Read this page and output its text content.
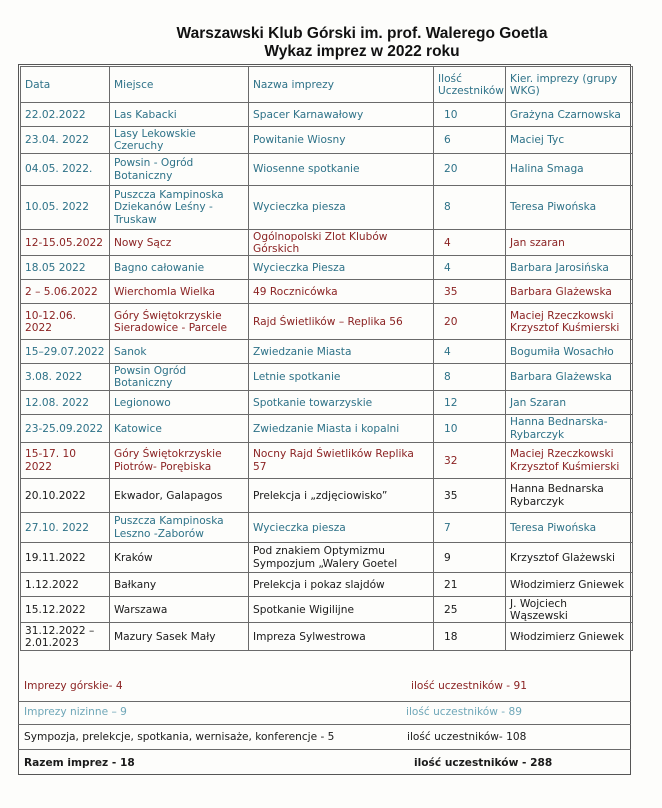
Warszawski Klub Górski im. prof. Walerego Goetla
Wykaz imprez w 2022 roku
Data	Miejsce	Nazwa imprezy	Ilość Uczestników	Kier. imprezy (grupy WKG)
22.02.2022	Las Kabacki	Spacer Karnawałowy	10	Grażyna Czarnowska
23.04. 2022	Lasy Lekowskie Czeruchy	Powitanie Wiosny	6	Maciej Tyc
04.05. 2022.	Powsin - Ogród Botaniczny	Wiosenne spotkanie	20	Halina Smaga
10.05. 2022	Puszcza Kampinoska Dziekanów Leśny - Truskaw	Wycieczka piesza	8	Teresa Piwońska
12-15.05.2022	Nowy Sącz	Ogólnopolski Zlot Klubów Górskich	4	Jan szaran
18.05 2022	Bagno całowanie	Wycieczka Piesza	4	Barbara Jarosińska
2 – 5.06.2022	Wierchomla Wielka	49 Rocznicówka	35	Barbara Glażewska
10-12.06. 2022	Góry Świętokrzyskie Sieradowice - Parcele	Rajd Świetlików – Replika 56	20	Maciej Rzeczkowski Krzysztof Kuśmierski
15–29.07.2022	Sanok	Zwiedzanie Miasta	4	Bogumiła Wosachło
3.08. 2022	Powsin Ogród Botaniczny	Letnie spotkanie	8	Barbara Glażewska
12.08. 2022	Legionowo	Spotkanie towarzyskie	12	Jan Szaran
23-25.09.2022	Katowice	Zwiedzanie Miasta i kopalni	10	Hanna Bednarska-Rybarczyk
15-17. 10 2022	Góry Świętokrzyskie Piotrów- Porębiska	Nocny Rajd Świetlików Replika 57	32	Maciej Rzeczkowski Krzysztof Kuśmierski
20.10.2022	Ekwador, Galapagos	Prelekcja i „zdjęciowisko”	35	Hanna Bednarska Rybarczyk
27.10. 2022	Puszcza Kampinoska Leszno -Zaborów	Wycieczka piesza	7	Teresa Piwońska
19.11.2022	Kraków	Pod znakiem Optymizmu Sympozjum „Walery Goetel	9	Krzysztof Glażewski
1.12.2022	Bałkany	Prelekcja i pokaz slajdów	21	Włodzimierz Gniewek
15.12.2022	Warszawa	Spotkanie Wigilijne	25	J. Wojciech Wąszewski
31.12.2022 – 2.01.2023	Mazury Sasek Mały	Impreza Sylwestrowa	18	Włodzimierz Gniewek
Imprezy górskie- 4	ilość uczestników - 91
Imprezy nizinne – 9	ilość uczestników - 89
Sympozja, prelekcje, spotkania, wernisaże, konferencje - 5	ilość uczestników- 108
Razem imprez - 18	ilość uczestników - 288
